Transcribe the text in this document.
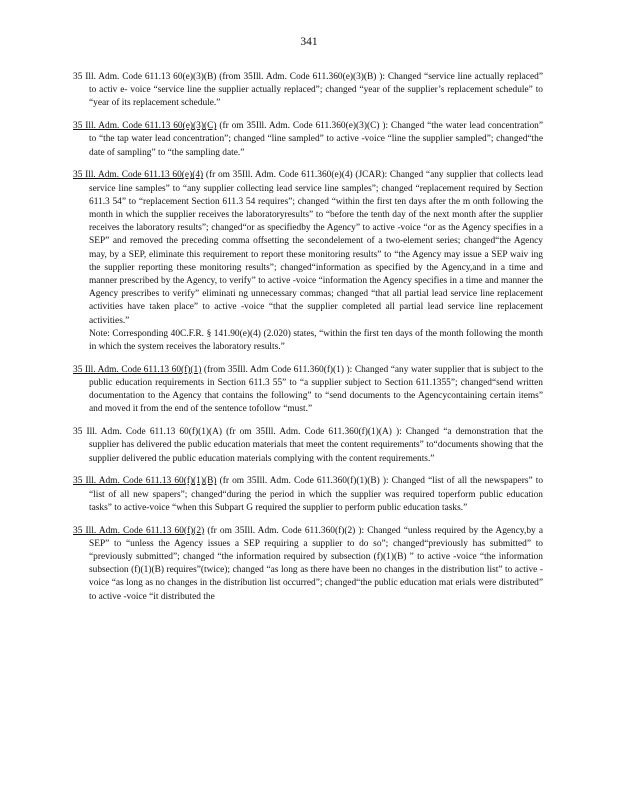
341

35 Ill. Adm. Code 611.13 60(e)(3)(B) (from 35Ill. Adm. Code 611.360(e)(3)(B) ): Changed “service line actually replaced” to activ e- voice “service line the supplier actually replaced”; changed “year of the supplier’s replacement schedule” to “year of its replacement schedule.”

35 Ill. Adm. Code 611.13 60(e)(3)(C) (fr om 35Ill. Adm. Code 611.360(e)(3)(C) ): Changed “the water lead concentration” to “the tap water lead concentration”; changed “line sampled” to active -voice “line the supplier sampled”; changed“the date of sampling” to “the sampling date.”

35 Ill. Adm. Code 611.13 60(e)(4) (fr om 35Ill. Adm. Code 611.360(e)(4) (JCAR): Changed “any supplier that collects lead service line samples” to “any supplier collecting lead service line samples”; changed “replacement required by Section 611.3 54” to “replacement Section 611.3 54 requires”; changed “within the first ten days after the m onth following the month in which the supplier receives the laboratoryresults” to “before the tenth day of the next month after the supplier receives the laboratory results”; changed“or as specifiedby the Agency” to active -voice “or as the Agency specifies in a SEP” and removed the preceding comma offsetting the secondelement of a two-element series; changed“the Agency may, by a SEP, eliminate this requirement to report these monitoring results” to “the Agency may issue a SEP waiv ing the supplier reporting these monitoring results”; changed“information as specified by the Agency,and in a time and manner prescribed by the Agency, to verify” to active -voice “information the Agency specifies in a time and manner the Agency prescribes to verify” eliminati ng unnecessary commas; changed “that all partial lead service line replacement activities have taken place” to active -voice “that the supplier completed all partial lead service line replacement activities.”
Note: Corresponding 40C.F.R. § 141.90(e)(4) (2.020) states, “within the first ten days of the month following the month in which the system receives the laboratory results.”

35 Ill. Adm. Code 611.13 60(f)(1) (from 35Ill. Adm Code 611.360(f)(1) ): Changed “any water supplier that is subject to the public education requirements in Section 611.3 55” to “a supplier subject to Section 611.1355”; changed“send written documentation to the Agency that contains the following” to “send documents to the Agencycontaining certain items” and moved it from the end of the sentence tofollow “must.”

35 Ill. Adm. Code 611.13 60(f)(1)(A) (fr om 35Ill. Adm. Code 611.360(f)(1)(A) ): Changed “a demonstration that the supplier has delivered the public education materials that meet the content requirements” to“documents showing that the supplier delivered the public education materials complying with the content requirements.”

35 Ill. Adm. Code 611.13 60(f)(1)(B) (fr om 35Ill. Adm. Code 611.360(f)(1)(B) ): Changed “list of all the newspapers” to “list of all new spapers”; changed“during the period in which the supplier was required toperform public education tasks” to active-voice “when this Subpart G required the supplier to perform public education tasks.”

35 Ill. Adm. Code 611.13 60(f)(2) (fr om 35Ill. Adm. Code 611.360(f)(2) ): Changed “unless required by the Agency,by a SEP” to “unless the Agency issues a SEP requiring a supplier to do so”; changed“previously has submitted” to “previously submitted”; changed “the information required by subsection (f)(1)(B) ” to active -voice “the information subsection (f)(1)(B) requires”(twice); changed “as long as there have been no changes in the distribution list” to active -voice “as long as no changes in the distribution list occurred”; changed“the public education mat erials were distributed” to active -voice “it distributed the
